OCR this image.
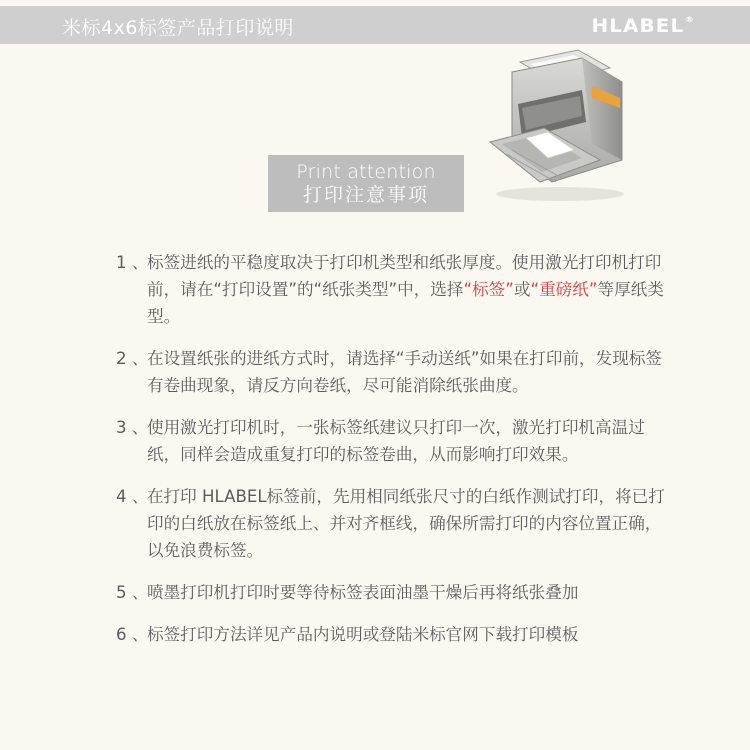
米标4x6标签产品打印说明	HLABEL®
Print attention
打印注意事项
1 、
标签进纸的平稳度取决于打印机类型和纸张厚度。使用激光打印机打印前，请在“打印设置”的“纸张类型”中，选择“标签”或“重磅纸”等厚纸类型。
2 、
在设置纸张的进纸方式时，请选择“手动送纸”如果在打印前，发现标签有卷曲现象，请反方向卷纸，尽可能消除纸张曲度。
3 、
使用激光打印机时，一张标签纸建议只打印一次，激光打印机高温过纸，同样会造成重复打印的标签卷曲，从而影响打印效果。
4 、
在打印 HLABEL标签前，先用相同纸张尺寸的白纸作测试打印，将已打印的白纸放在标签纸上、并对齐框线，确保所需打印的内容位置正确，以免浪费标签。
5 、
喷墨打印机打印时要等待标签表面油墨干燥后再将纸张叠加
6 、
标签打印方法详见产品内说明或登陆米标官网下载打印模板
